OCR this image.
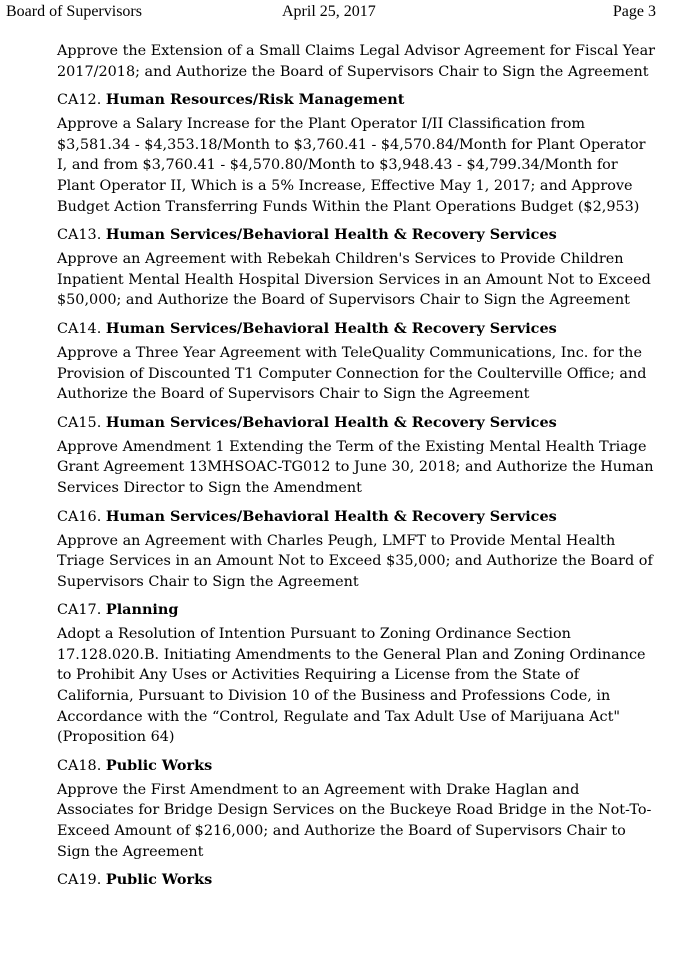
Board of Supervisors	April 25, 2017	Page 3

Approve the Extension of a Small Claims Legal Advisor Agreement for Fiscal Year 2017/2018; and Authorize the Board of Supervisors Chair to Sign the Agreement

CA12. Human Resources/Risk Management

Approve a Salary Increase for the Plant Operator I/II Classification from $3,581.34 - $4,353.18/Month to $3,760.41 - $4,570.84/Month for Plant Operator I, and from $3,760.41 - $4,570.80/Month to $3,948.43 - $4,799.34/Month for Plant Operator II, Which is a 5% Increase, Effective May 1, 2017; and Approve Budget Action Transferring Funds Within the Plant Operations Budget ($2,953)

CA13. Human Services/Behavioral Health & Recovery Services

Approve an Agreement with Rebekah Children's Services to Provide Children Inpatient Mental Health Hospital Diversion Services in an Amount Not to Exceed $50,000; and Authorize the Board of Supervisors Chair to Sign the Agreement

CA14. Human Services/Behavioral Health & Recovery Services

Approve a Three Year Agreement with TeleQuality Communications, Inc. for the Provision of Discounted T1 Computer Connection for the Coulterville Office; and Authorize the Board of Supervisors Chair to Sign the Agreement

CA15. Human Services/Behavioral Health & Recovery Services

Approve Amendment 1 Extending the Term of the Existing Mental Health Triage Grant Agreement 13MHSOAC-TG012 to June 30, 2018; and Authorize the Human Services Director to Sign the Amendment

CA16. Human Services/Behavioral Health & Recovery Services

Approve an Agreement with Charles Peugh, LMFT to Provide Mental Health Triage Services in an Amount Not to Exceed $35,000; and Authorize the Board of Supervisors Chair to Sign the Agreement

CA17. Planning

Adopt a Resolution of Intention Pursuant to Zoning Ordinance Section 17.128.020.B. Initiating Amendments to the General Plan and Zoning Ordinance to Prohibit Any Uses or Activities Requiring a License from the State of California, Pursuant to Division 10 of the Business and Professions Code, in Accordance with the “Control, Regulate and Tax Adult Use of Marijuana Act" (Proposition 64)

CA18. Public Works

Approve the First Amendment to an Agreement with Drake Haglan and Associates for Bridge Design Services on the Buckeye Road Bridge in the Not-To-Exceed Amount of $216,000; and Authorize the Board of Supervisors Chair to Sign the Agreement

CA19. Public Works
